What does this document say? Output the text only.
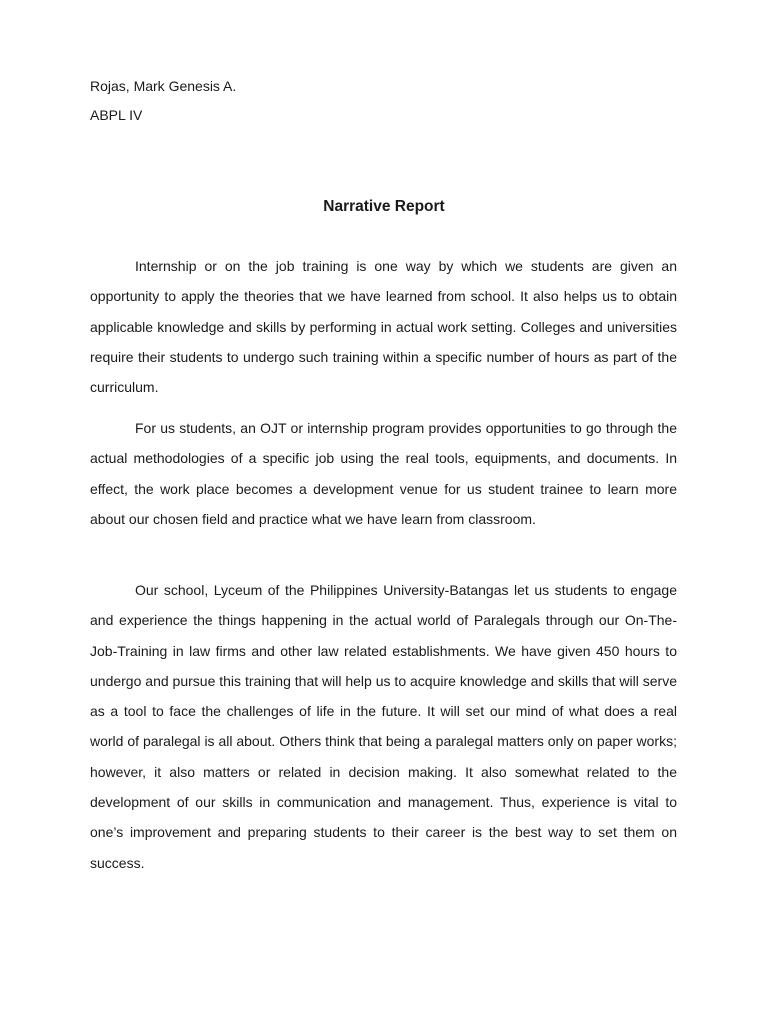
Rojas, Mark Genesis A.
ABPL IV
Narrative Report

Internship or on the job training is one way by which we students are given an opportunity to apply the theories that we have learned from school. It also helps us to obtain applicable knowledge and skills by performing in actual work setting. Colleges and universities require their students to undergo such training within a specific number of hours as part of the curriculum.

For us students, an OJT or internship program provides opportunities to go through the actual methodologies of a specific job using the real tools, equipments, and documents. In effect, the work place becomes a development venue for us student trainee to learn more about our chosen field and practice what we have learn from classroom.

Our school, Lyceum of the Philippines University-Batangas let us students to engage and experience the things happening in the actual world of Paralegals through our On-The-Job-Training in law firms and other law related establishments. We have given 450 hours to undergo and pursue this training that will help us to acquire knowledge and skills that will serve as a tool to face the challenges of life in the future. It will set our mind of what does a real world of paralegal is all about. Others think that being a paralegal matters only on paper works; however, it also matters or related in decision making. It also somewhat related to the development of our skills in communication and management. Thus, experience is vital to one’s improvement and preparing students to their career is the best way to set them on success.
